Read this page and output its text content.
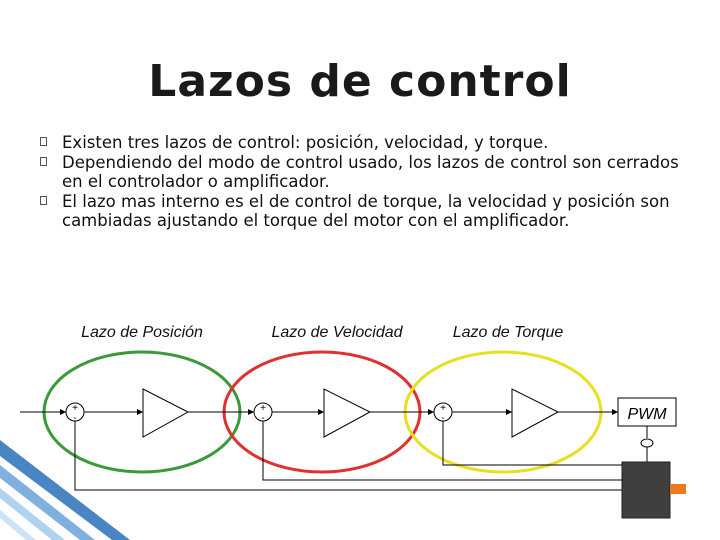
Lazos de control
Existen tres lazos de control: posición, velocidad, y torque.
Dependiendo del modo de control usado, los lazos de control son cerrados en el controlador o amplificador.
El lazo mas interno es el de control de torque, la velocidad y posición son cambiadas ajustando el torque del motor con el amplificador.
Lazo de Posición	Lazo de Velocidad	Lazo de Torque
+
-
+
-
+
-	PWM
